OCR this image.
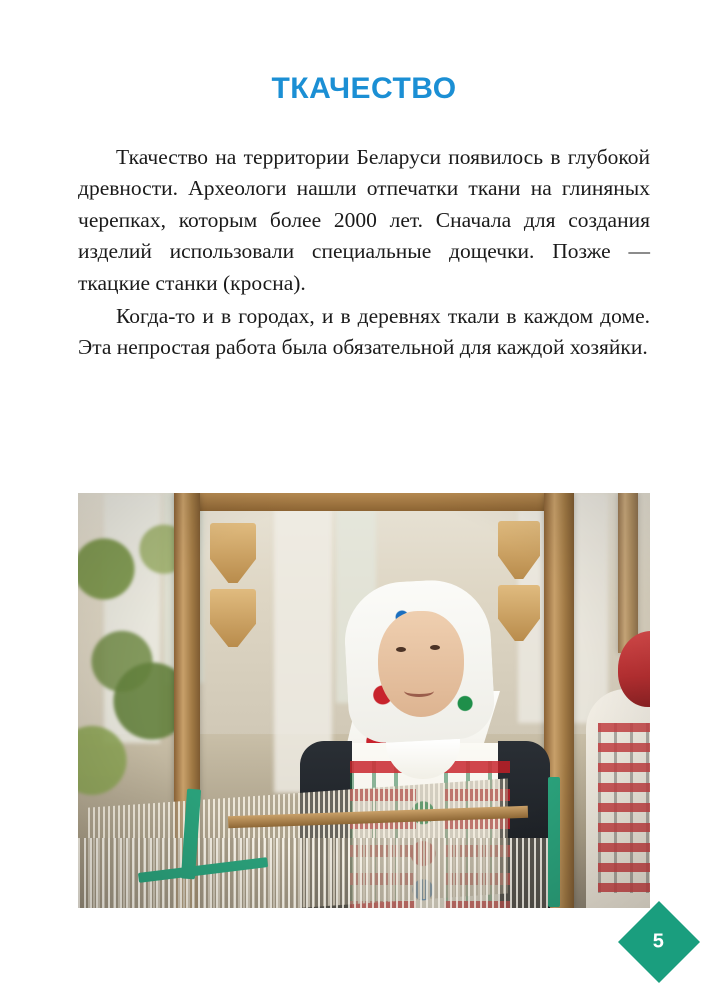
ТКАЧЕСТВО

Ткачество на территории Беларуси появилось в глубокой древности. Археологи нашли отпечатки ткани на глиняных черепках, которым более 2000 лет. Сначала для создания изделий использовали специальные дощечки. Позже — ткацкие станки (кросна).

Когда-то и в городах, и в деревнях ткали в каждом доме. Эта непростая работа была обязательной для каждой хозяйки.

5
